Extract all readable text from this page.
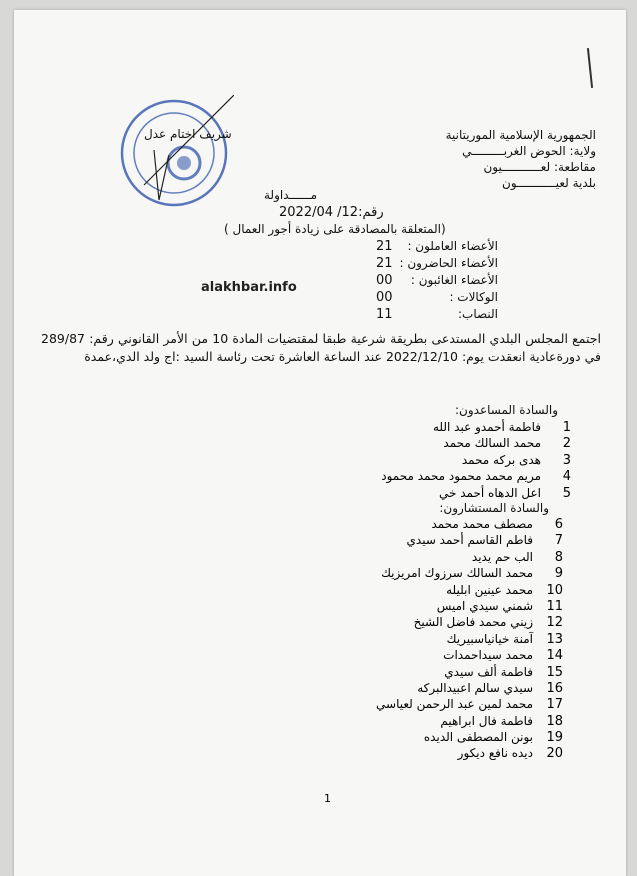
الجمهورية الإسلامية الموريتانية
ولاية: الحوض الغربـــــــــي
مقاطعة: لعـــــــــــيون
بلدية لعيـــــــــــون
شريف اختام عدل
مــــــداولة
رقم:12/ 2022/04
(المتعلقة بالمصادقة على زيادة أجور العمال )
الأعضاء العاملون :
21
الأعضاء الحاضرون :
21
الأعضاء الغائبون :
00
الوكالات :
00
النصاب:
11
alakhbar.info
اجتمع المجلس البلدي المستدعى بطريقة شرعية طبقا لمقتضيات المادة 10 من الأمر القانوني رقم: 289/87 في دورةعادية انعقدت يوم: 2022/12/10 عند الساعة العاشرة تحت رئاسة السيد :اج ولد الدي،عمدة
والسادة المساعدون:
1
فاطمة أحمدو عبد الله
2
محمد السالك محمد
3
هدى بركه محمد
4
مريم محمد محمود محمد محمود
5
اعل الدهاه أحمد خي
والسادة المستشارون:
6
مصطف محمد محمد
7
فاطم القاسم أحمد سيدي
8
الب حم يديد
9
محمد السالك سرزوك امريزيك
10
محمد عينين ابليله
11
شمني سيدي اميس
12
زيني محمد فاضل الشيخ
13
آمنة خيانياسبيريك
14
محمد سيداحمدات
15
فاطمة ألف سيدي
16
سيدي سالم اعبيدالبركه
17
محمد لمين عبد الرحمن لعياسي
18
فاطمة فال ابراهيم
19
بونن المصطفى الديده
20
ديده نافع ديكور
1
